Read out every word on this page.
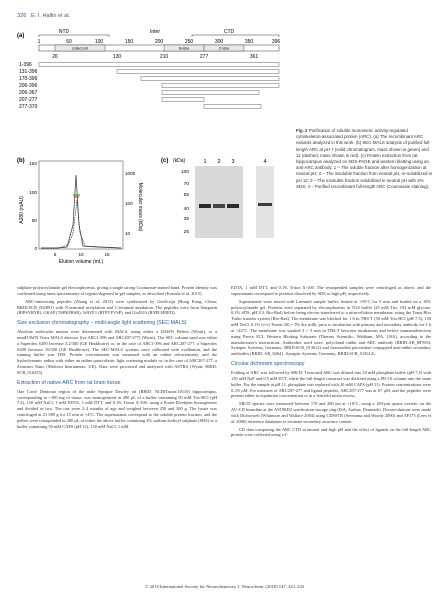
326 E. I. Hallin et al.
(a)
NTD	Inter	CTD
1	50	100	150	200	250	300	350	396
coiled coil	N-lobe	C-lobe
26	130	210	277	361
1-396
131-396
170-396
206-396
206-367
207-277
277-370
(b)
A280 (mAU)	Molecular mass (kDa)
150
100
50
0
1000
100
10
5	10	15
Elution volume (mL)
(c) (kDa)	1 2 3	4
100
70
55
40
35
25
Fig. 2 Purification of soluble monomeric activity-regulated cytoskeleton-associated protein (ARC). (a) The recombinant ARC variants analyzed in this work. (b) SEC-MALS analysis of purified full-length ARC at pH 7 (solid chromatogram, mass shown in green) and 11 (dashed, mass shown in red). (c) Protein extraction from rat hippocampus analyzed on SDS-PAGE and western blotting using an anti-ARC antibody. 1 – The soluble fraction after homogenization at neutral pH; 2 – The insoluble fraction from neutral pH, re-solubilized in pH 12; 3 – The insoluble fraction solubilized in neutral pH with 2% SDS; 4 – Purified recombinant full-length ARC (Coomassie staining).

sulphate-polyacrylamide gel electrophoresis, giving a single strong Coomassie-stained band. Protein identity was confirmed using mass spectrometry of trypsin-digested in-gel samples, as described (Kursula et al. 2015).

ARC-interacting peptides (Zhang et al. 2015) were synthesized by GenScript (Hong Kong, China; RRID:SCR_002891) with N-terminal acetylation and C-terminal amidation. The peptides were from Stargazin (RIPSYRYR), GKAP (TSPKFRSR), WAVE1 (RTPVFVSP), and GluN2A (RNPLHNED).

Size exclusion chromatography – multi-angle light scattering (SEC-MALS)

Absolute molecular masses were determined with MALS, using either a DAWN Heleos (Wyatt), or a miniDAWN Treos MALS detector (for ARC1-396 and ARC207-277) (Wyatt). The SEC column used was either a Superdex S200 Increase 3.2/300 (GE Healthcare) or, in the case of ARC1-396 and ARC207-277, a Superdex S200 Increase 10/300 (GE Healthcare). The SEC-MALS systems were calibrated with ovalbumin, and the running buffer was TBS. Protein concentration was measured with an online refractometer, and the hydrodynamic radius with either an online quasi-elastic light scattering module or, in the case of ARC207-277, a Zetasizer Nano (Malvern Instruments, UK). Data were processed and analyzed with ASTRA (Wyatt; RRID: SCR_016255).

Extraction of native ARC from rat brain tissue

One Corn/ Dentonia region of the male Sprague Dawley rat (RRID: NCBITaxon:10116) hippocampus, corresponding to ~100 mg of tissue, was homogenized in 400 µL of a buffer containing 50 mM Tris-HCl (pH 7.4), 150 mM NaCl, 1 mM EDTA, 1 mM DTT, and 0.1% Triton X-100, using a Potter-Elvehjem homogenizer and divided in two. The rats were 2–4 months of age and weighed between 250 and 300 g. The lysate was centrifuged at 21 000 g for 15 min at +4°C. The supernatants correspond to the soluble protein fraction, and the pellets were resuspended in 200 µL of either the above buffer containing 2% sodium dodecyl sulphate (SDS) or a buffer containing 50 mM CAPS (pH 12), 150 mM NaCl, 1 mM

EDTA, 1 mM DTT, and 0.1% Triton X-100. The resuspended samples were centrifuged as above, and the supernatants correspond to proteins dissolved by SDS or high pH, respectively.

Supernatants were mixed with Laemmli sample buffer, heated at +95°C for 5 min and loaded on a 10% polyacrylamide gel. Proteins were separated by electrophoresis in TGS buffer (25 mM Tris, 192 mM glycine, 0.1% SDS, pH 8.3, Bio-Rad) before being electro-transferred to a nitrocellulose membrane, using the Trans Blot Turbo transfer system (Bio-Rad). The membrane was blocked for 1 h in TBS-T (50 mM Tris-HCl (pH 7.5), 150 mM NaCl, 0.1% (v/v) Tween 20) + 5% dry milk, prior to incubation with primary and secondary antibody for 1 h at +22°C. The membrane was washed 3 × 5 min in TBS-T between incubations and before immunodetection using Pierce ECL Western Blotting Substrate (Thermo Scientific, Waltham, MA, USA), according to the manufacturer's instructions. Antibodies used were: polyclonal rabbit anti-ARC antibody (RRID:AB_887694, Synaptic Systems, Germany; RRID:SCR_013612) and horseradish peroxidase-conjugated anti-rabbit secondary antibodies (RRID: AB_92641, Synaptic Systems, Germany; RRID:SCR_013612).

Circular dichroism spectroscopy

Folding of ARC was followed by SRCD. Truncated ARC was diluted into 20 mM phosphate buffer (pH 7.4) with 150 mM NaF and 0.5 mM DTT, while the full-length construct was dialysed using a PD-10 column into the same buffer. For the sample at pH 11, phosphate was replaced with 20 mM CAPS (pH 11). Protein concentrations were 0–95 µM. For mixtures of ARC207-277 and ligand peptides, ARC207-277 was at 67 µM, and the peptides were present either in equimolar concentration or at a fourfold molar excess.

SRCD spectra were measured between 170 and 280 nm at +10°C, using a 100-µm quartz cuvette, on the AU-CD beamline at the ASTRID2 synchrotron storage ring (ISA, Aarhus, Denmark). Deconvolutions were made with Dichroweb (Whitmore and Wallace 2004) using CDSSTR (Sreerama and Woody 2000) and SP175 (Lees et al. 2006) reference databases to estimate secondary structure content.

CD data comparing the ARC CTD at neutral and high pH and the effect of ligands on the full-length ARC protein were collected using a J-

© 2018 International Society for Neurochemistry, J. Neurochem. (2018) 147, 323–343
